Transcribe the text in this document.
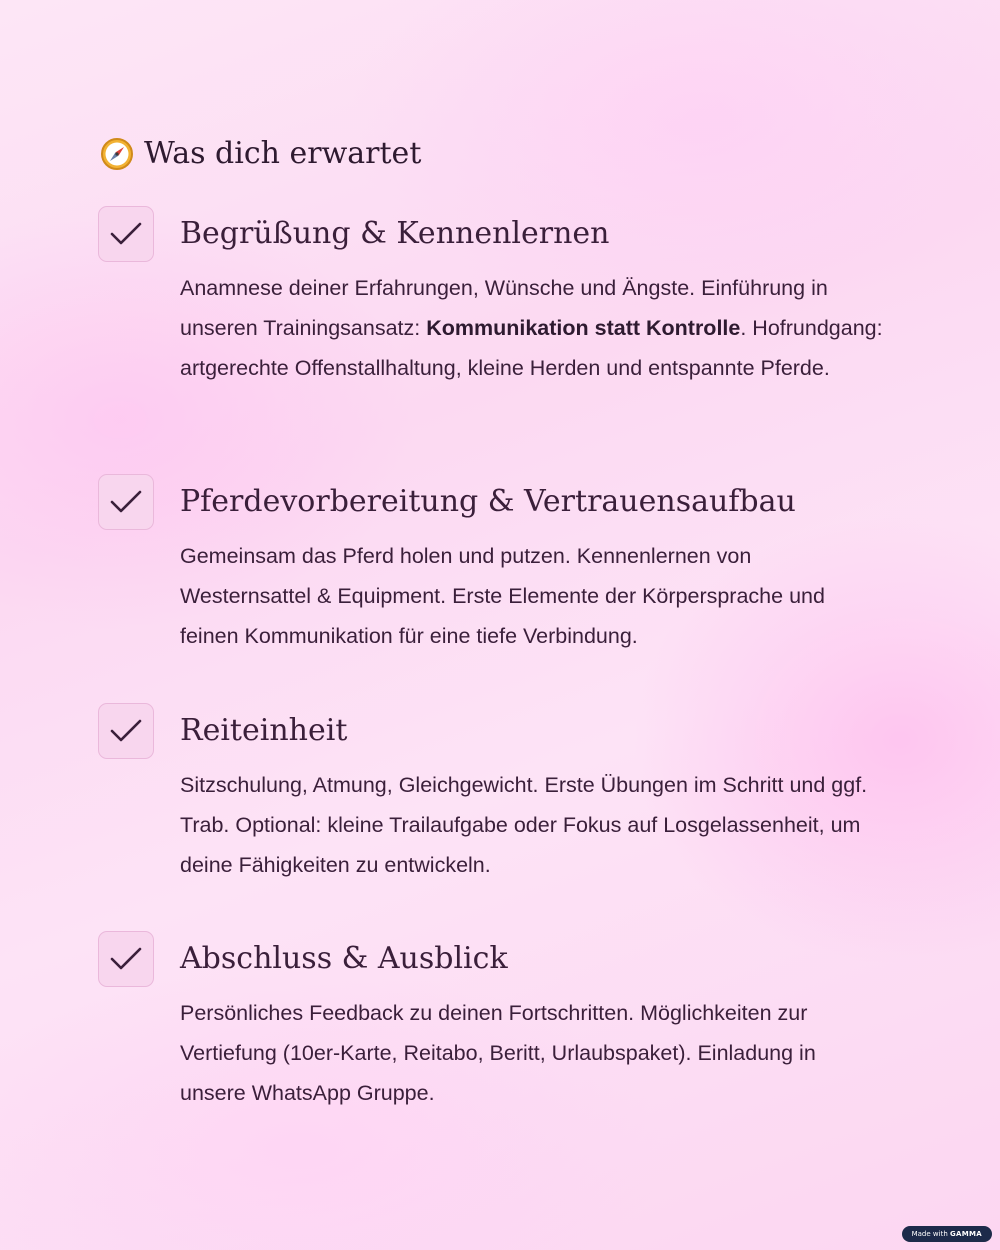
Was dich erwartet
Begrüßung & Kennenlernen

Anamnese deiner Erfahrungen, Wünsche und Ängste. Einführung in unseren Trainingsansatz: Kommunikation statt Kontrolle. Hofrundgang: artgerechte Offenstallhaltung, kleine Herden und entspannte Pferde.

Pferdevorbereitung & Vertrauensaufbau

Gemeinsam das Pferd holen und putzen. Kennenlernen von Westernsattel & Equipment. Erste Elemente der Körpersprache und feinen Kommunikation für eine tiefe Verbindung.

Reiteinheit

Sitzschulung, Atmung, Gleichgewicht. Erste Übungen im Schritt und ggf. Trab. Optional: kleine Trailaufgabe oder Fokus auf Losgelassenheit, um deine Fähigkeiten zu entwickeln.

Abschluss & Ausblick

Persönliches Feedback zu deinen Fortschritten. Möglichkeiten zur Vertiefung (10er-Karte, Reitabo, Beritt, Urlaubspaket). Einladung in unsere WhatsApp Gruppe.

Made with GAMMA
